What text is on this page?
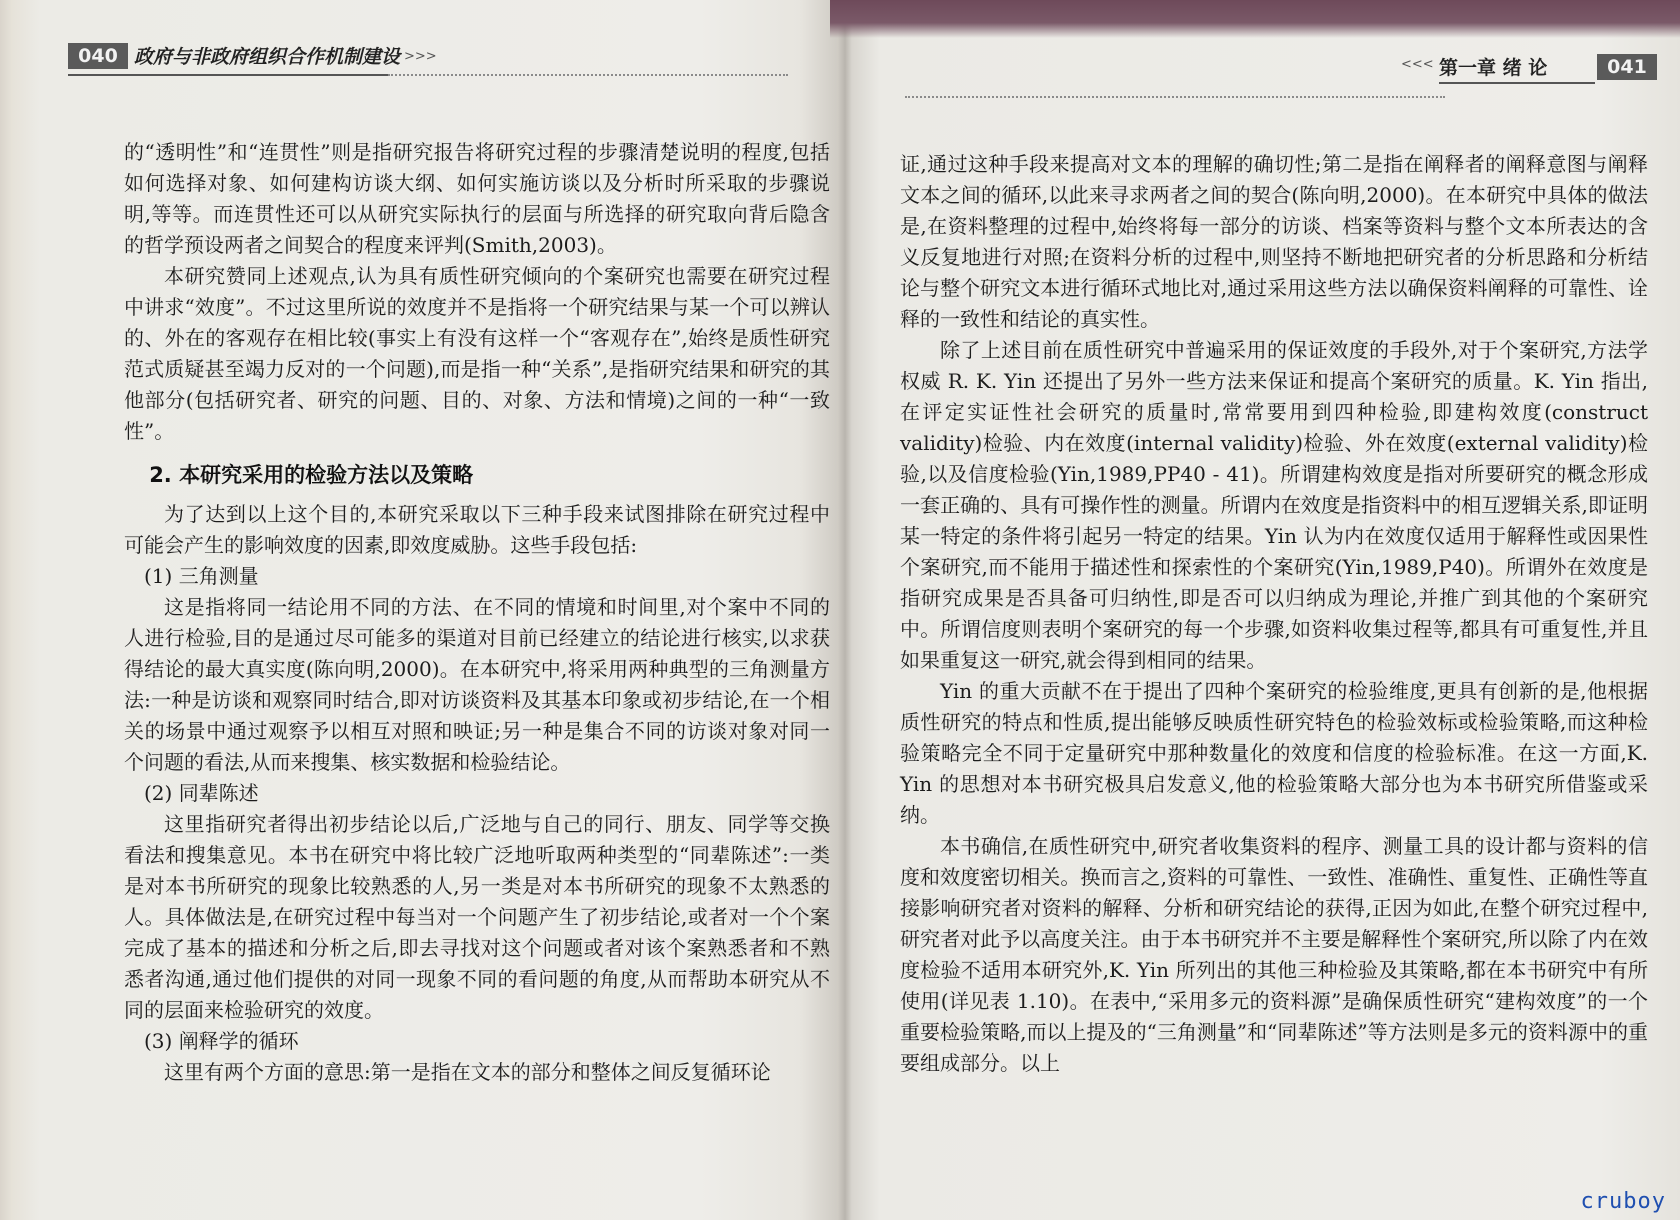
040 政府与非政府组织合作机制建设 >>>

的“透明性”和“连贯性”则是指研究报告将研究过程的步骤清楚说明的程度,包括如何选择对象、如何建构访谈大纲、如何实施访谈以及分析时所采取的步骤说明,等等。而连贯性还可以从研究实际执行的层面与所选择的研究取向背后隐含的哲学预设两者之间契合的程度来评判(Smith,2003)。

本研究赞同上述观点,认为具有质性研究倾向的个案研究也需要在研究过程中讲求“效度”。不过这里所说的效度并不是指将一个研究结果与某一个可以辨认的、外在的客观存在相比较(事实上有没有这样一个“客观存在”,始终是质性研究范式质疑甚至竭力反对的一个问题),而是指一种“关系”,是指研究结果和研究的其他部分(包括研究者、研究的问题、目的、对象、方法和情境)之间的一种“一致性”。

2. 本研究采用的检验方法以及策略

为了达到以上这个目的,本研究采取以下三种手段来试图排除在研究过程中可能会产生的影响效度的因素,即效度威胁。这些手段包括:

(1) 三角测量

这是指将同一结论用不同的方法、在不同的情境和时间里,对个案中不同的人进行检验,目的是通过尽可能多的渠道对目前已经建立的结论进行核实,以求获得结论的最大真实度(陈向明,2000)。在本研究中,将采用两种典型的三角测量方法:一种是访谈和观察同时结合,即对访谈资料及其基本印象或初步结论,在一个相关的场景中通过观察予以相互对照和映证;另一种是集合不同的访谈对象对同一个问题的看法,从而来搜集、核实数据和检验结论。

(2) 同辈陈述

这里指研究者得出初步结论以后,广泛地与自己的同行、朋友、同学等交换看法和搜集意见。本书在研究中将比较广泛地听取两种类型的“同辈陈述”:一类是对本书所研究的现象比较熟悉的人,另一类是对本书所研究的现象不太熟悉的人。具体做法是,在研究过程中每当对一个问题产生了初步结论,或者对一个个案完成了基本的描述和分析之后,即去寻找对这个问题或者对该个案熟悉者和不熟悉者沟通,通过他们提供的对同一现象不同的看问题的角度,从而帮助本研究从不同的层面来检验研究的效度。

(3) 阐释学的循环

这里有两个方面的意思:第一是指在文本的部分和整体之间反复循环论

<<< 第一章 绪 论	041

证,通过这种手段来提高对文本的理解的确切性;第二是指在阐释者的阐释意图与阐释文本之间的循环,以此来寻求两者之间的契合(陈向明,2000)。在本研究中具体的做法是,在资料整理的过程中,始终将每一部分的访谈、档案等资料与整个文本所表达的含义反复地进行对照;在资料分析的过程中,则坚持不断地把研究者的分析思路和分析结论与整个研究文本进行循环式地比对,通过采用这些方法以确保资料阐释的可靠性、诠释的一致性和结论的真实性。

除了上述目前在质性研究中普遍采用的保证效度的手段外,对于个案研究,方法学权威 R. K. Yin 还提出了另外一些方法来保证和提高个案研究的质量。K. Yin 指出,在评定实证性社会研究的质量时,常常要用到四种检验,即建构效度(construct validity)检验、内在效度(internal validity)检验、外在效度(external validity)检验,以及信度检验(Yin,1989,PP40 - 41)。所谓建构效度是指对所要研究的概念形成一套正确的、具有可操作性的测量。所谓内在效度是指资料中的相互逻辑关系,即证明某一特定的条件将引起另一特定的结果。Yin 认为内在效度仅适用于解释性或因果性个案研究,而不能用于描述性和探索性的个案研究(Yin,1989,P40)。所谓外在效度是指研究成果是否具备可归纳性,即是否可以归纳成为理论,并推广到其他的个案研究中。所谓信度则表明个案研究的每一个步骤,如资料收集过程等,都具有可重复性,并且如果重复这一研究,就会得到相同的结果。

Yin 的重大贡献不在于提出了四种个案研究的检验维度,更具有创新的是,他根据质性研究的特点和性质,提出能够反映质性研究特色的检验效标或检验策略,而这种检验策略完全不同于定量研究中那种数量化的效度和信度的检验标准。在这一方面,K. Yin 的思想对本书研究极具启发意义,他的检验策略大部分也为本书研究所借鉴或采纳。

本书确信,在质性研究中,研究者收集资料的程序、测量工具的设计都与资料的信度和效度密切相关。换而言之,资料的可靠性、一致性、准确性、重复性、正确性等直接影响研究者对资料的解释、分析和研究结论的获得,正因为如此,在整个研究过程中,研究者对此予以高度关注。由于本书研究并不主要是解释性个案研究,所以除了内在效度检验不适用本研究外,K. Yin 所列出的其他三种检验及其策略,都在本书研究中有所使用(详见表 1.10)。在表中,“采用多元的资料源”是确保质性研究“建构效度”的一个重要检验策略,而以上提及的“三角测量”和“同辈陈述”等方法则是多元的资料源中的重要组成部分。以上

cruboy
